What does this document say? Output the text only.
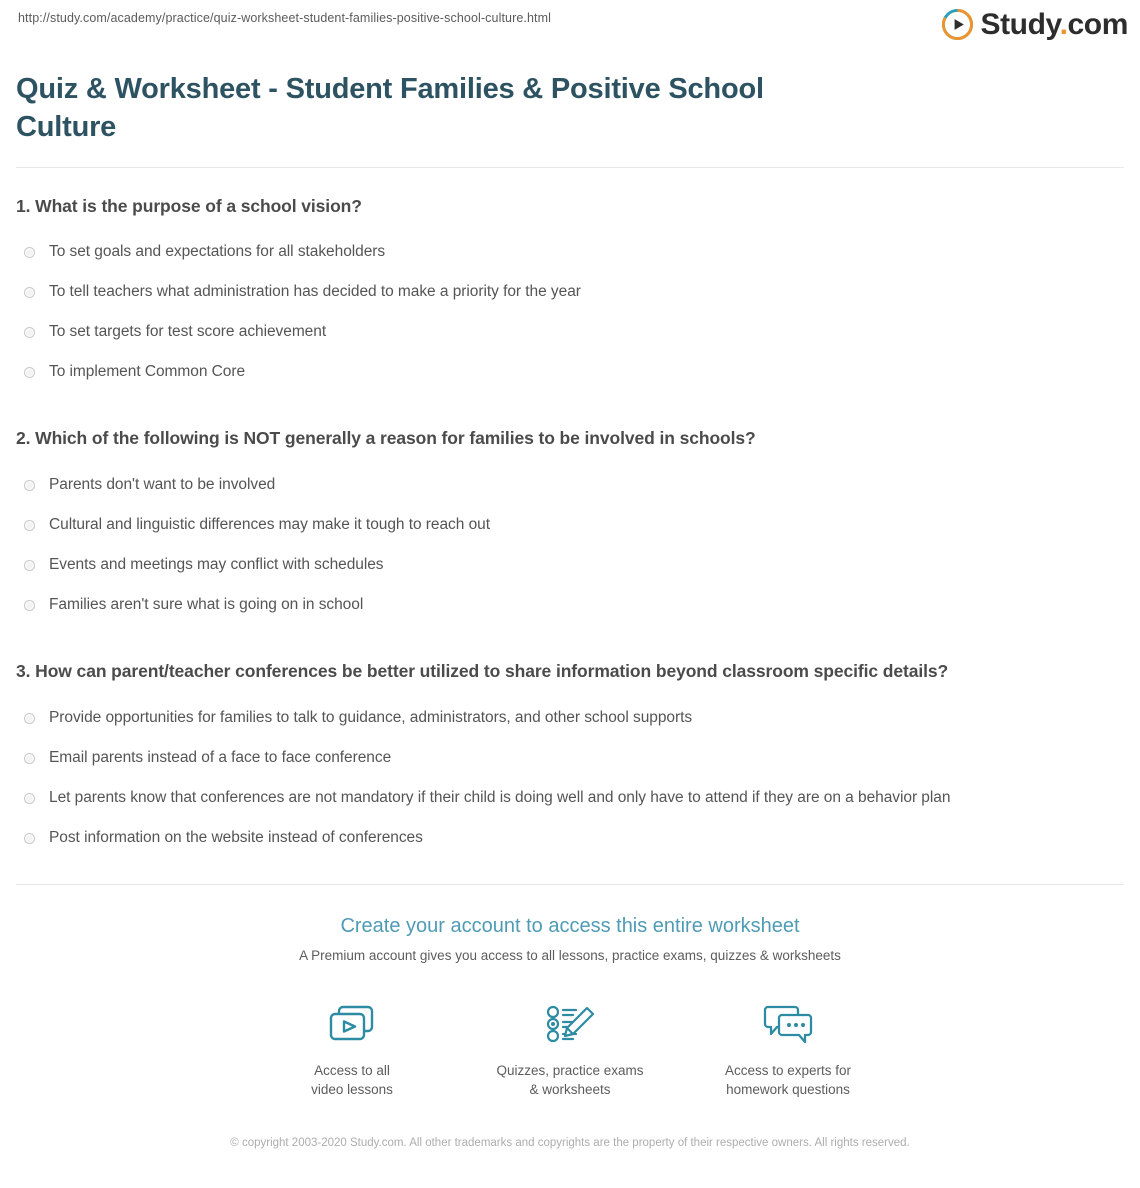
http://study.com/academy/practice/quiz-worksheet-student-families-positive-school-culture.html	Study.com
Quiz & Worksheet - Student Families & Positive School Culture
1. What is the purpose of a school vision?
To set goals and expectations for all stakeholders
To tell teachers what administration has decided to make a priority for the year
To set targets for test score achievement
To implement Common Core
2. Which of the following is NOT generally a reason for families to be involved in schools?
Parents don't want to be involved
Cultural and linguistic differences may make it tough to reach out
Events and meetings may conflict with schedules
Families aren't sure what is going on in school
3. How can parent/teacher conferences be better utilized to share information beyond classroom specific details?
Provide opportunities for families to talk to guidance, administrators, and other school supports
Email parents instead of a face to face conference
Let parents know that conferences are not mandatory if their child is doing well and only have to attend if they are on a behavior plan
Post information on the website instead of conferences
Create your account to access this entire worksheet
A Premium account gives you access to all lessons, practice exams, quizzes & worksheets
Access to all
video lessons
Quizzes, practice exams
& worksheets
Access to experts for
homework questions
© copyright 2003-2020 Study.com. All other trademarks and copyrights are the property of their respective owners. All rights reserved.
